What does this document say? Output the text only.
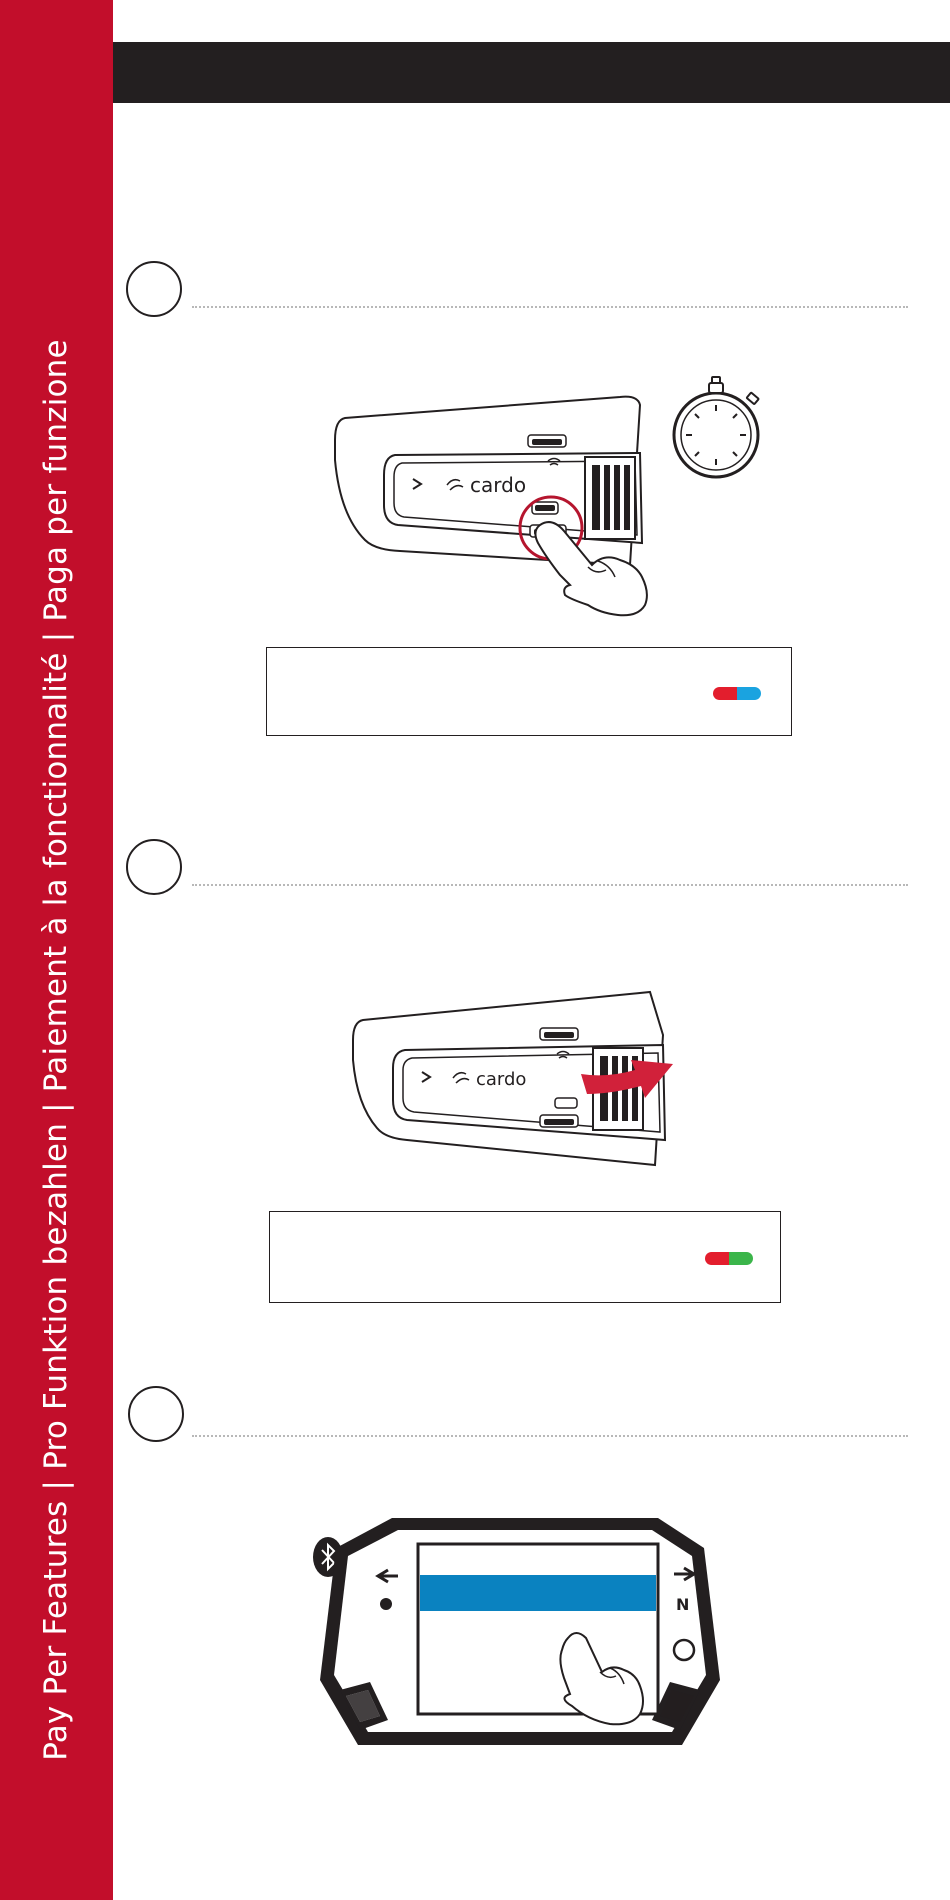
Pay Per Features | Pro Funktion bezahlen | Paiement à la fonctionnalité | Paga per funzione	cardo
cardo
N
